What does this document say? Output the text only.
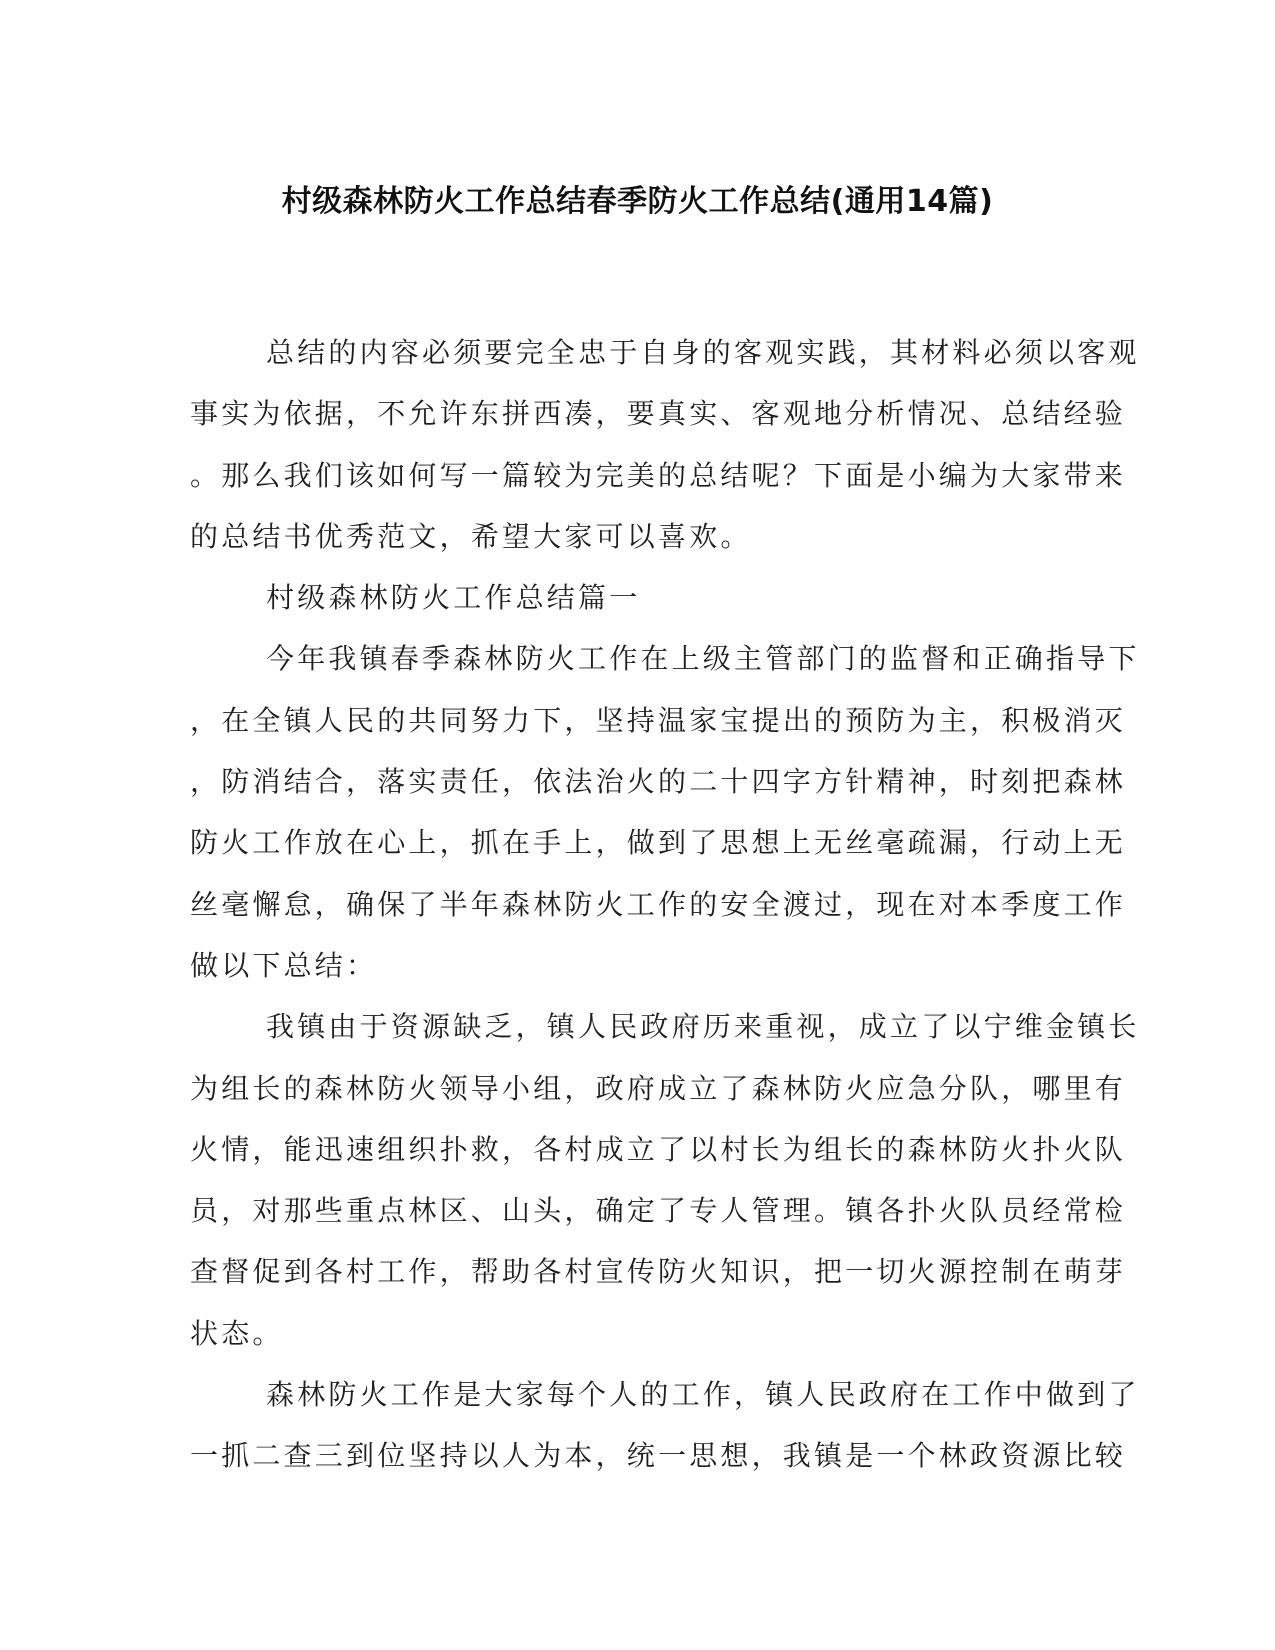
村级森林防火工作总结春季防火工作总结(通用14篇)

总结的内容必须要完全忠于自身的客观实践，其材料必须以客观

事实为依据，不允许东拼西凑，要真实、客观地分析情况、总结经验

。那么我们该如何写一篇较为完美的总结呢？下面是小编为大家带来

的总结书优秀范文，希望大家可以喜欢。

村级森林防火工作总结篇一

今年我镇春季森林防火工作在上级主管部门的监督和正确指导下

，在全镇人民的共同努力下，坚持温家宝提出的预防为主，积极消灭

，防消结合，落实责任，依法治火的二十四字方针精神，时刻把森林

防火工作放在心上，抓在手上，做到了思想上无丝毫疏漏，行动上无

丝毫懈怠，确保了半年森林防火工作的安全渡过，现在对本季度工作

做以下总结：

我镇由于资源缺乏，镇人民政府历来重视，成立了以宁维金镇长

为组长的森林防火领导小组，政府成立了森林防火应急分队，哪里有

火情，能迅速组织扑救，各村成立了以村长为组长的森林防火扑火队

员，对那些重点林区、山头，确定了专人管理。镇各扑火队员经常检

查督促到各村工作，帮助各村宣传防火知识，把一切火源控制在萌芽

状态。

森林防火工作是大家每个人的工作，镇人民政府在工作中做到了

一抓二查三到位坚持以人为本，统一思想，我镇是一个林政资源比较
